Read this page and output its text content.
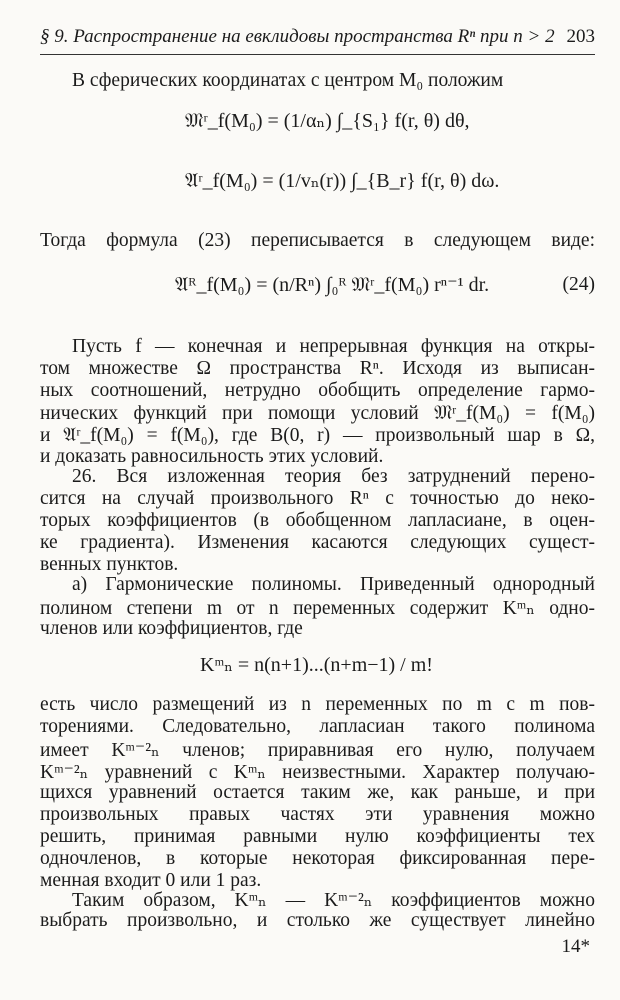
§ 9. Распространение на евклидовы пространства Rⁿ при n > 2 203
В сферических координатах с центром M₀ положим
𝔐ʳ_f(M₀) = (1/αₙ) ∫_{S₁} f(r, θ) dθ,
𝔄ʳ_f(M₀) = (1/vₙ(r)) ∫_{B_r} f(r, θ) dω.
Тогда формула (23) переписывается в следующем виде:
𝔄ᴿ_f(M₀) = (n/Rⁿ) ∫₀ᴿ 𝔐ʳ_f(M₀) rⁿ⁻¹ dr.	(24)
Пусть f — конечная и непрерывная функция на откры-
том множестве Ω пространства Rⁿ. Исходя из выписан-
ных соотношений, нетрудно обобщить определение гармо-
нических функций при помощи условий 𝔐ʳ_f(M₀) = f(M₀)
и 𝔄ʳ_f(M₀) = f(M₀), где B(0, r) — произвольный шар в Ω,
и доказать равносильность этих условий.
26. Вся изложенная теория без затруднений перено-
сится на случай произвольного Rⁿ с точностью до неко-
торых коэффициентов (в обобщенном лапласиане, в оцен-
ке градиента). Изменения касаются следующих сущест-
венных пунктов.
а) Гармонические полиномы. Приведенный однородный
полином степени m от n переменных содержит Kᵐₙ одно-
членов или коэффициентов, где
Kᵐₙ = n(n+1)...(n+m−1) / m!
есть число размещений из n переменных по m с m пов-
торениями. Следовательно, лапласиан такого полинома
имеет Kᵐ⁻²ₙ членов; приравнивая его нулю, получаем
Kᵐ⁻²ₙ уравнений с Kᵐₙ неизвестными. Характер получаю-
щихся уравнений остается таким же, как раньше, и при
произвольных правых частях эти уравнения можно
решить, принимая равными нулю коэффициенты тех
одночленов, в которые некоторая фиксированная пере-
менная входит 0 или 1 раз.
Таким образом, Kᵐₙ — Kᵐ⁻²ₙ коэффициентов можно
выбрать произвольно, и столько же существует линейно
14*
